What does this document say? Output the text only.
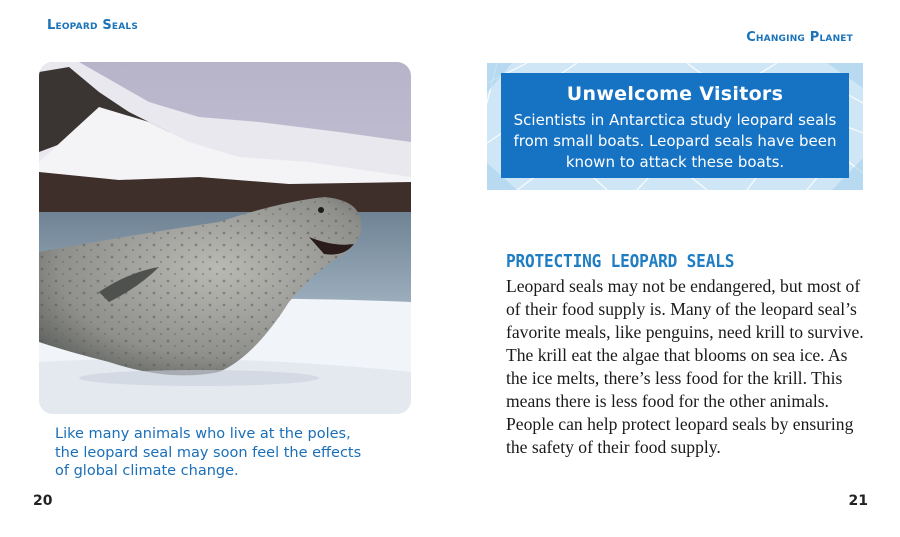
Leopard Seals
Changing Planet
Like many animals who live at the poles, the leopard seal may soon feel the effects of global climate change.
20	21
Unwelcome Visitors
Scientists in Antarctica study leopard seals from small boats. Leopard seals have been known to attack these boats.
PROTECTING LEOPARD SEALS
Leopard seals may not be endangered, but most of of their food supply is. Many of the leopard seal’s favorite meals, like penguins, need krill to survive. The krill eat the algae that blooms on sea ice. As the ice melts, there’s less food for the krill. This means there is less food for the other animals. People can help protect leopard seals by ensuring the safety of their food supply.
